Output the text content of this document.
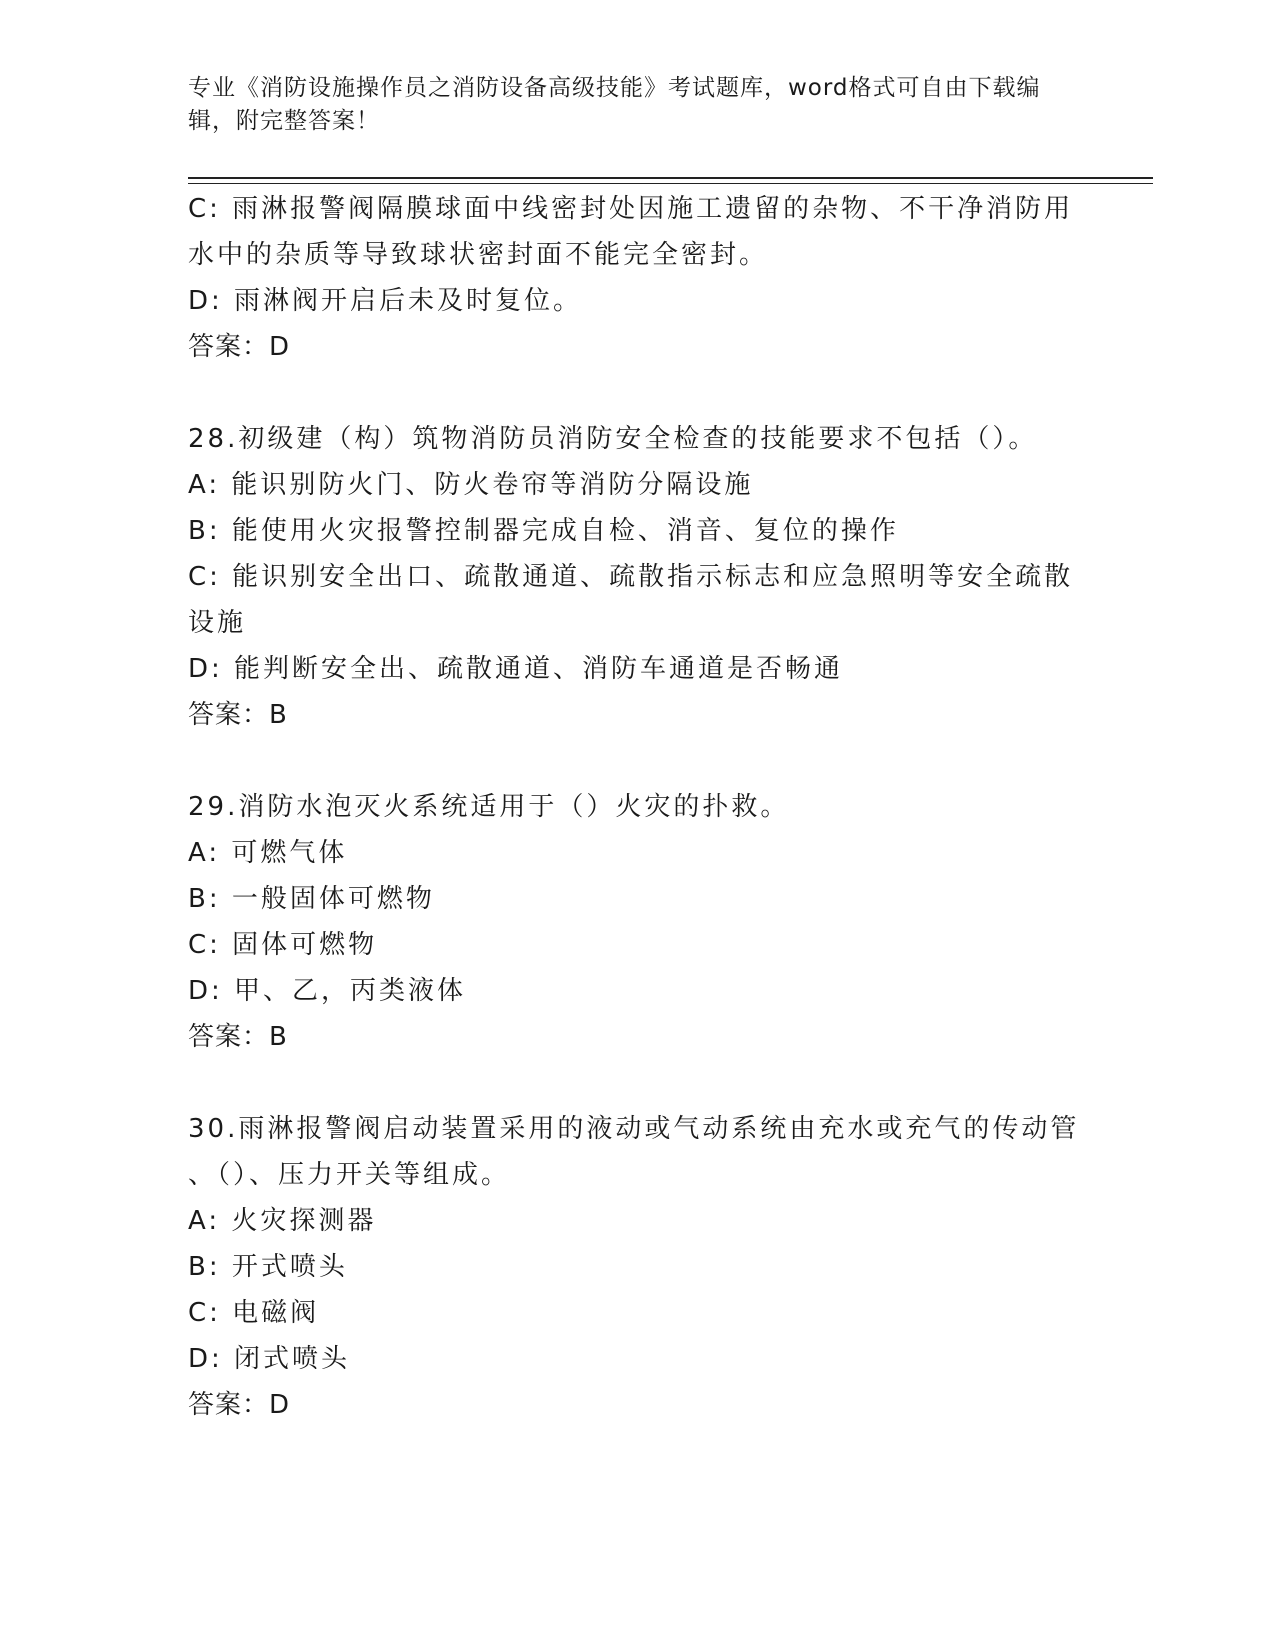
专业《消防设施操作员之消防设备高级技能》考试题库，word格式可自由下载编
辑，附完整答案！
C: 雨淋报警阀隔膜球面中线密封处因施工遗留的杂物、不干净消防用
水中的杂质等导致球状密封面不能完全密封。
D: 雨淋阀开启后未及时复位。
答案：D
28.初级建（构）筑物消防员消防安全检查的技能要求不包括（）。
A: 能识别防火门、防火卷帘等消防分隔设施
B: 能使用火灾报警控制器完成自检、消音、复位的操作
C: 能识别安全出口、疏散通道、疏散指示标志和应急照明等安全疏散
设施
D: 能判断安全出、疏散通道、消防车通道是否畅通
答案：B
29.消防水泡灭火系统适用于（）火灾的扑救。
A: 可燃气体
B: 一般固体可燃物
C: 固体可燃物
D: 甲、乙，丙类液体
答案：B
30.雨淋报警阀启动装置采用的液动或气动系统由充水或充气的传动管
、（）、压力开关等组成。
A: 火灾探测器
B: 开式喷头
C: 电磁阀
D: 闭式喷头
答案：D
